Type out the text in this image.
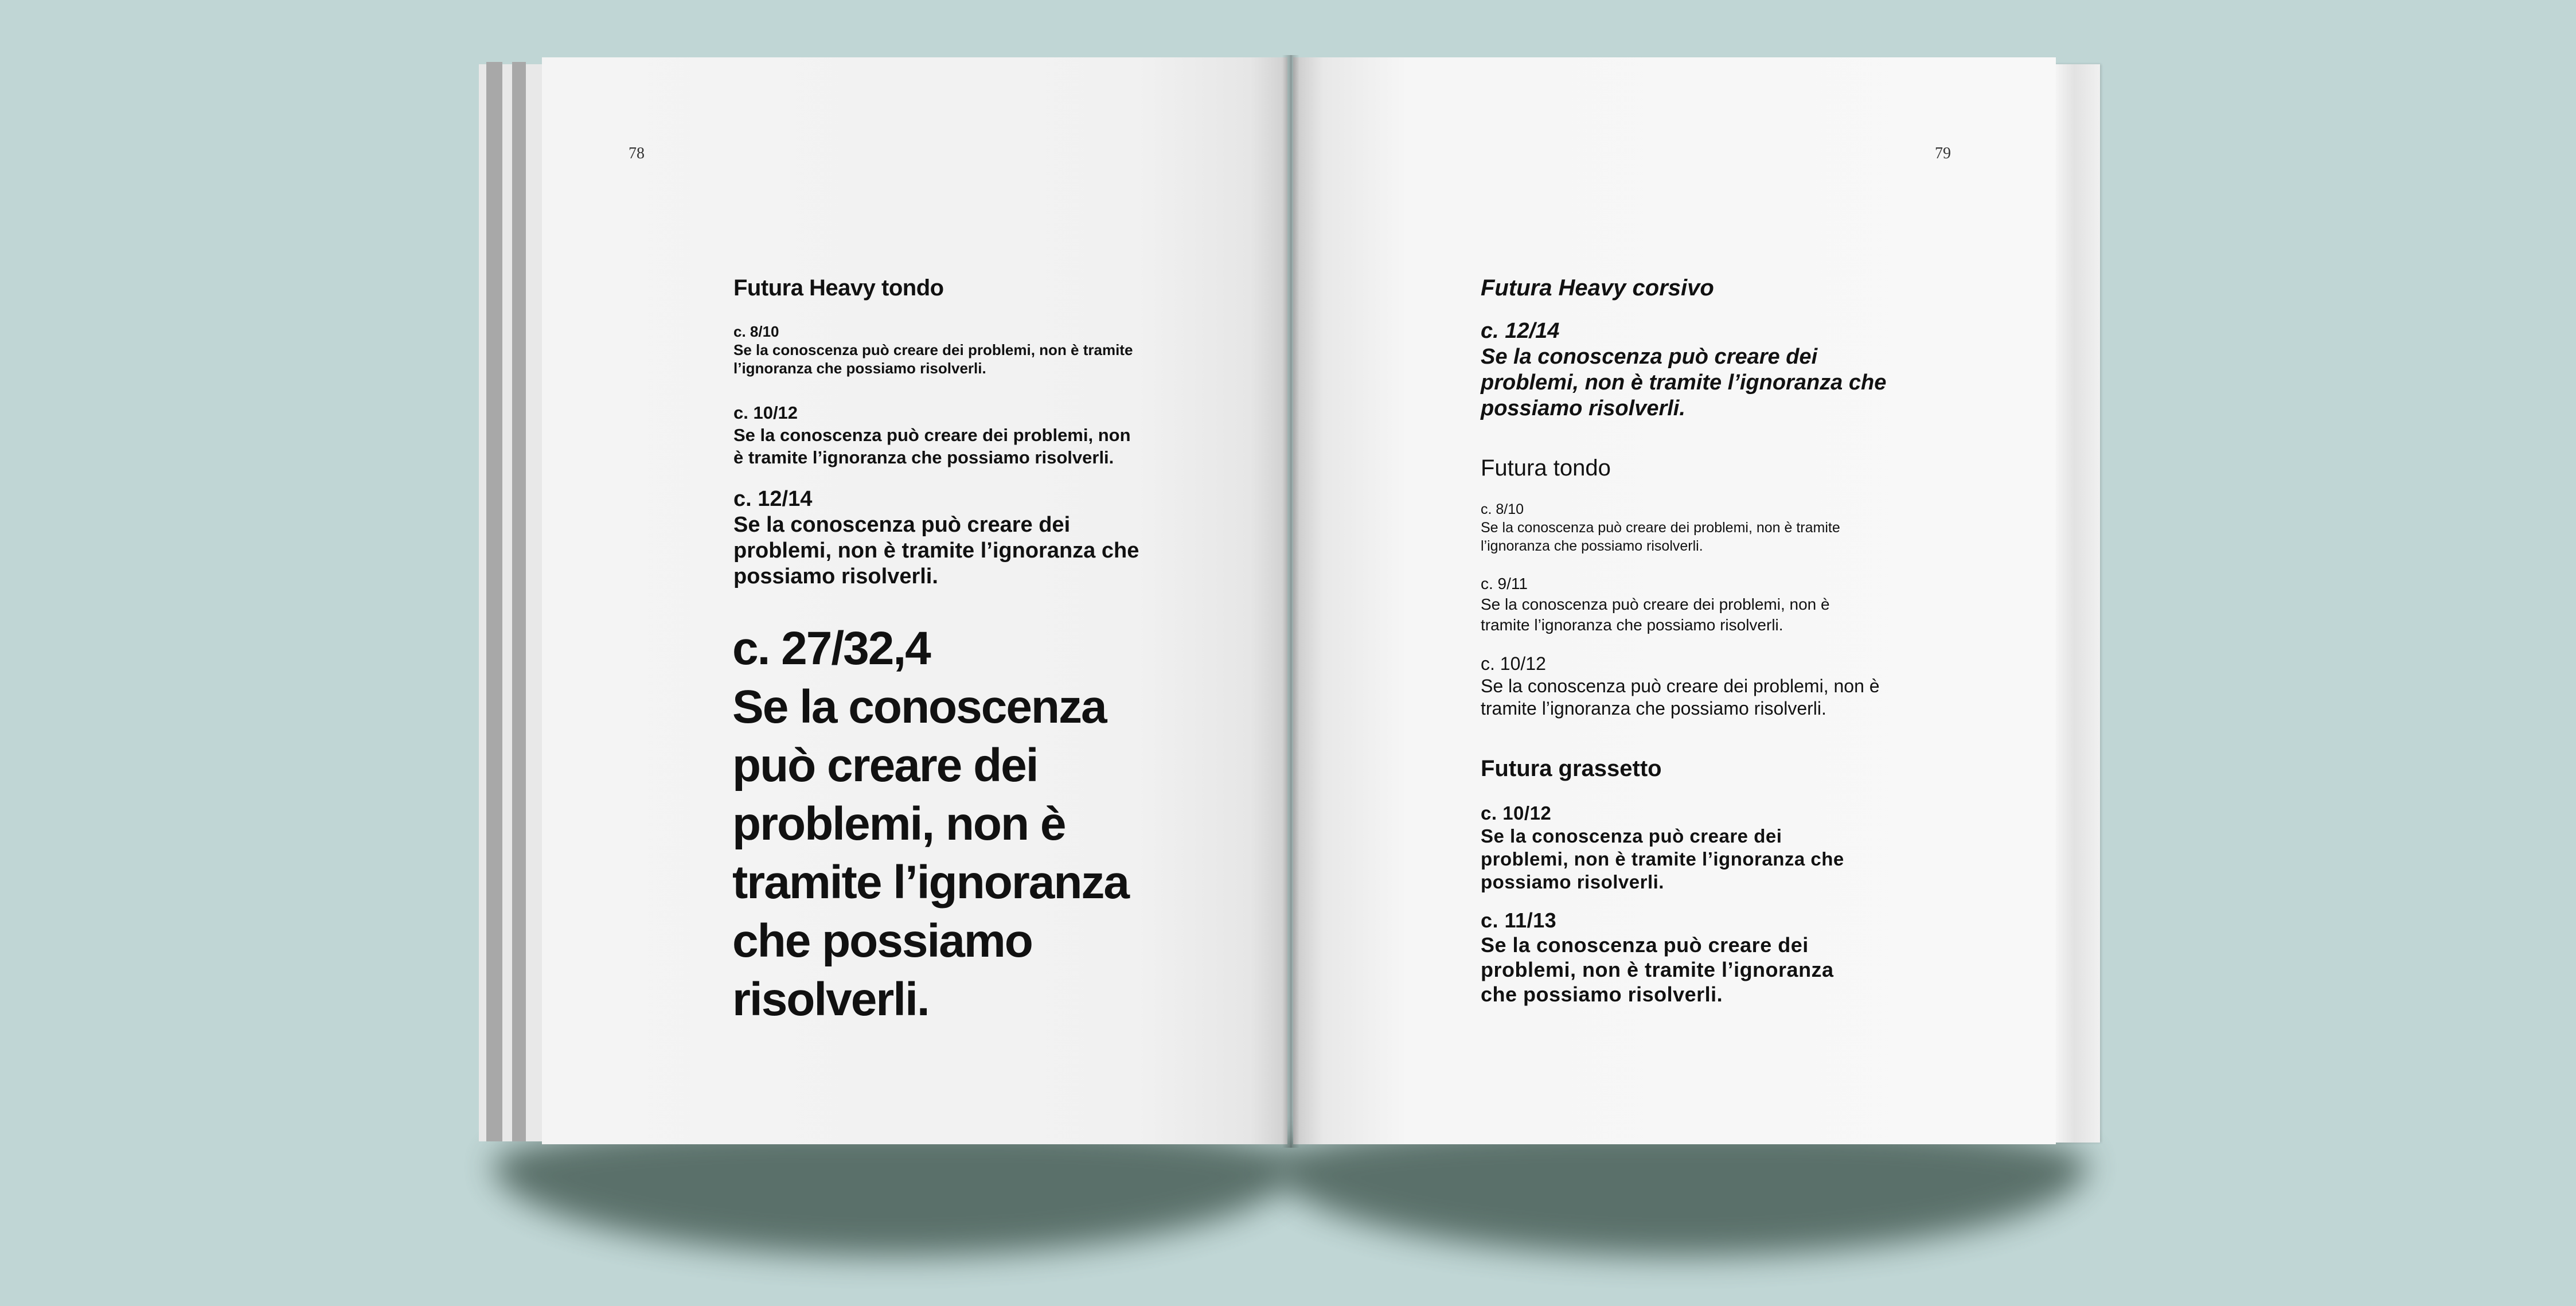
78	79
Futura Heavy tondo
c. 8/10
Se la conoscenza può creare dei problemi, non è tramite
l’ignoranza che possiamo risolverli.
c. 10/12
Se la conoscenza può creare dei problemi, non
è tramite l’ignoranza che possiamo risolverli.
c. 12/14
Se la conoscenza può creare dei
problemi, non è tramite l’ignoranza che
possiamo risolverli.
c. 27/32,4
Se la conoscenza
può creare dei
problemi, non è
tramite l’ignoranza
che possiamo
risolverli.
Futura Heavy corsivo
c. 12/14
Se la conoscenza può creare dei
problemi, non è tramite l’ignoranza che
possiamo risolverli.
Futura tondo
c. 8/10
Se la conoscenza può creare dei problemi, non è tramite
l’ignoranza che possiamo risolverli.
c. 9/11
Se la conoscenza può creare dei problemi, non è
tramite l’ignoranza che possiamo risolverli.
c. 10/12
Se la conoscenza può creare dei problemi, non è
tramite l’ignoranza che possiamo risolverli.
Futura grassetto
c. 10/12
Se la conoscenza può creare dei
problemi, non è tramite l’ignoranza che
possiamo risolverli.
c. 11/13
Se la conoscenza può creare dei
problemi, non è tramite l’ignoranza
che possiamo risolverli.
